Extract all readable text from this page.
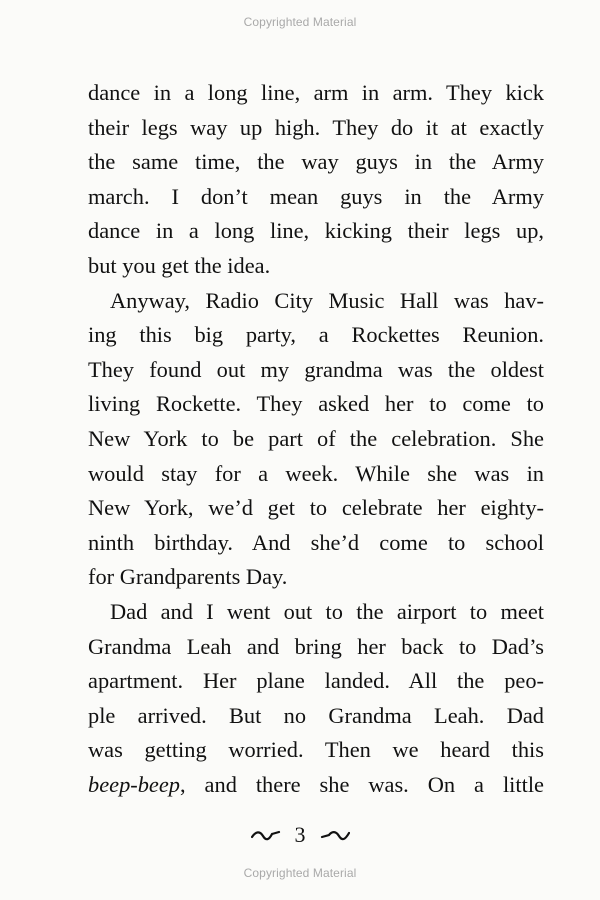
Copyrighted Material
dance in a long line, arm in arm. They kick
their legs way up high. They do it at exactly
the same time, the way guys in the Army
march. I don’t mean guys in the Army
dance in a long line, kicking their legs up,
but you get the idea.
Anyway, Radio City Music Hall was hav-
ing this big party, a Rockettes Reunion.
They found out my grandma was the oldest
living Rockette. They asked her to come to
New York to be part of the celebration. She
would stay for a week. While she was in
New York, we’d get to celebrate her eighty-
ninth birthday. And she’d come to school
for Grandparents Day.
Dad and I went out to the airport to meet
Grandma Leah and bring her back to Dad’s
apartment. Her plane landed. All the peo-
ple arrived. But no Grandma Leah. Dad
was getting worried. Then we heard this
beep-beep, and there she was. On a little
3
Copyrighted Material
